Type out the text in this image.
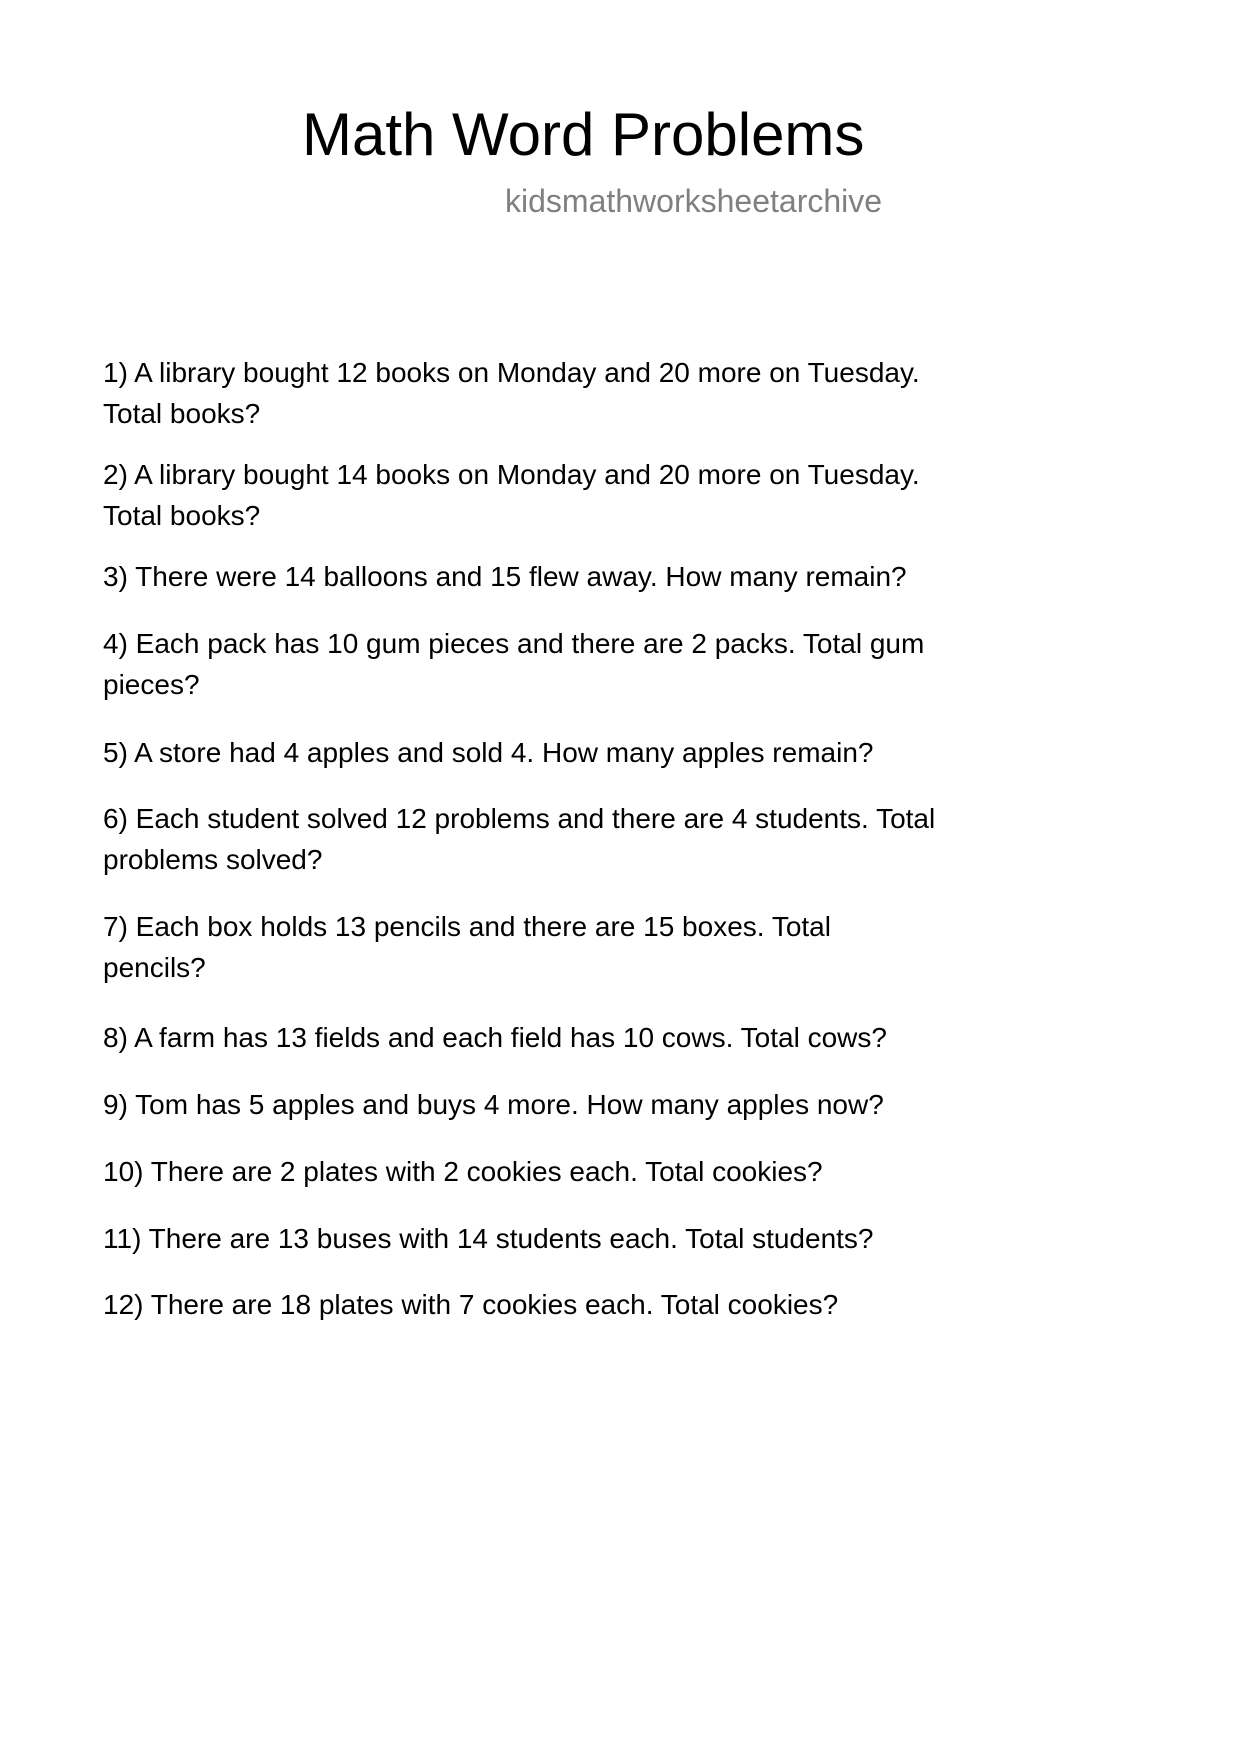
Math Word Problems
kidsmathworksheetarchive
1) A library bought 12 books on Monday and 20 more on Tuesday.
Total books?
2) A library bought 14 books on Monday and 20 more on Tuesday.
Total books?
3) There were 14 balloons and 15 flew away. How many remain?
4) Each pack has 10 gum pieces and there are 2 packs. Total gum
pieces?
5) A store had 4 apples and sold 4. How many apples remain?
6) Each student solved 12 problems and there are 4 students. Total
problems solved?
7) Each box holds 13 pencils and there are 15 boxes. Total
pencils?
8) A farm has 13 fields and each field has 10 cows. Total cows?
9) Tom has 5 apples and buys 4 more. How many apples now?
10) There are 2 plates with 2 cookies each. Total cookies?
11) There are 13 buses with 14 students each. Total students?
12) There are 18 plates with 7 cookies each. Total cookies?
